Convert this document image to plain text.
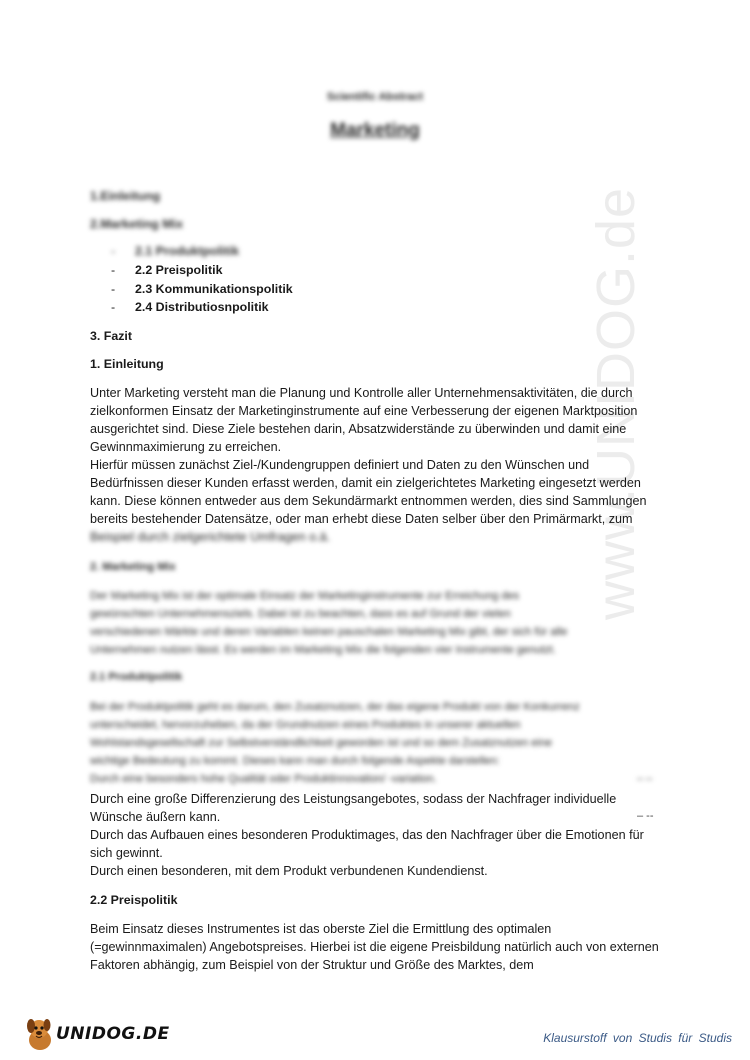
www.UNIDOG.de
Scientific Abstract
Marketing
1.Einleitung
2.Marketing Mix
- 2.1 Produktpolitik
- 2.2 Preispolitik
- 2.3 Kommunikationspolitik
- 2.4 Distributiosnpolitik
3. Fazit
1. Einleitung

Unter Marketing versteht man die Planung und Kontrolle aller Unternehmensaktivitäten, die durch zielkonformen Einsatz der Marketinginstrumente auf eine Verbesserung der eigenen Marktposition ausgerichtet sind. Diese Ziele bestehen darin, Absatzwiderstände zu überwinden und damit eine Gewinnmaximierung zu erreichen.

Hierfür müssen zunächst Ziel-/Kundengruppen definiert und Daten zu den Wünschen und Bedürfnissen dieser Kunden erfasst werden, damit ein zielgerichtetes Marketing eingesetzt werden kann. Diese können entweder aus dem Sekundärmarkt entnommen werden, dies sind Sammlungen bereits bestehender Datensätze, oder man erhebt diese Daten selber über den Primärmarkt, zum

Beispiel durch zielgerichtete Umfragen o.ä.

2. Marketing Mix
Der Marketing Mix ist der optimale Einsatz der Marketinginstrumente zur Erreichung des
gewünschten Unternehmensziels. Dabei ist zu beachten, dass es auf Grund der vielen
verschiedenen Märkte und deren Variablen keinen pauschalen Marketing Mix gibt, der sich für alle
Unternehmen nutzen lässt. Es werden im Marketing Mix die folgenden vier Instrumente genutzt.
2.1 Produktpolitik
Bei der Produktpolitik geht es darum, den Zusatznutzen, der das eigene Produkt von der Konkurrenz
unterscheidet, hervorzuheben, da der Grundnutzen eines Produktes in unserer aktuellen
Wohlstandsgesellschaft zur Selbstverständlichkeit geworden ist und so dem Zusatznutzen eine
wichtige Bedeutung zu kommt. Dieses kann man durch folgende Aspekte darstellen:
Durch eine besonders hohe Qualität oder Produktinnovation/ -variation.	– –

Durch eine große Differenzierung des Leistungsangebotes, sodass der Nachfrager individuelle Wünsche äußern kann.

Durch das Aufbauen eines besonderen Produktimages, das den Nachfrager über die Emotionen für sich gewinnt.

Durch einen besonderen, mit dem Produkt verbundenen Kundendienst.

– --
2.2 Preispolitik

Beim Einsatz dieses Instrumentes ist das oberste Ziel die Ermittlung des optimalen (=gewinnmaximalen) Angebotspreises. Hierbei ist die eigene Preisbildung natürlich auch von externen Faktoren abhängig, zum Beispiel von der Struktur und Größe des Marktes, dem

UNIDOG.DE	Klausurstoff von Studis für Studis
